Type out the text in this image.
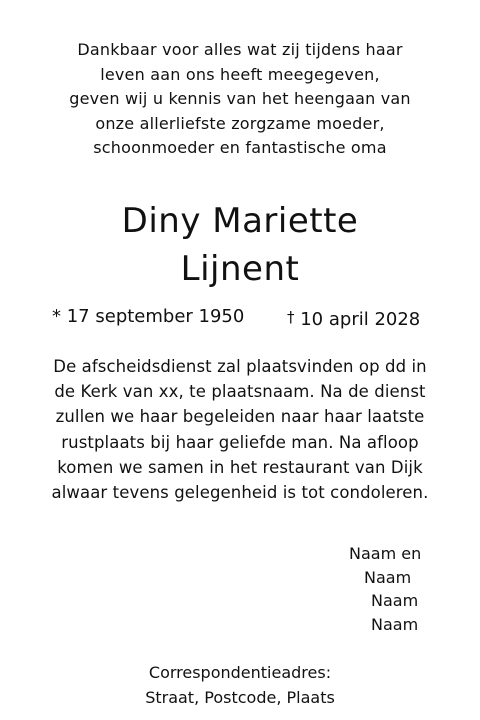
Dankbaar voor alles wat zij tijdens haar
leven aan ons heeft meegegeven,
geven wij u kennis van het heengaan van
onze allerliefste zorgzame moeder,
schoonmoeder en fantastische oma
Diny Mariette
Lijnent
* 17 september 1950	† 10 april 2028
De afscheidsdienst zal plaatsvinden op dd in
de Kerk van xx, te plaatsnaam. Na de dienst
zullen we haar begeleiden naar haar laatste
rustplaats bij haar geliefde man. Na afloop
komen we samen in het restaurant van Dijk
alwaar tevens gelegenheid is tot condoleren.
Naam en
Naam
Naam
Naam
Correspondentieadres:
Straat, Postcode, Plaats
